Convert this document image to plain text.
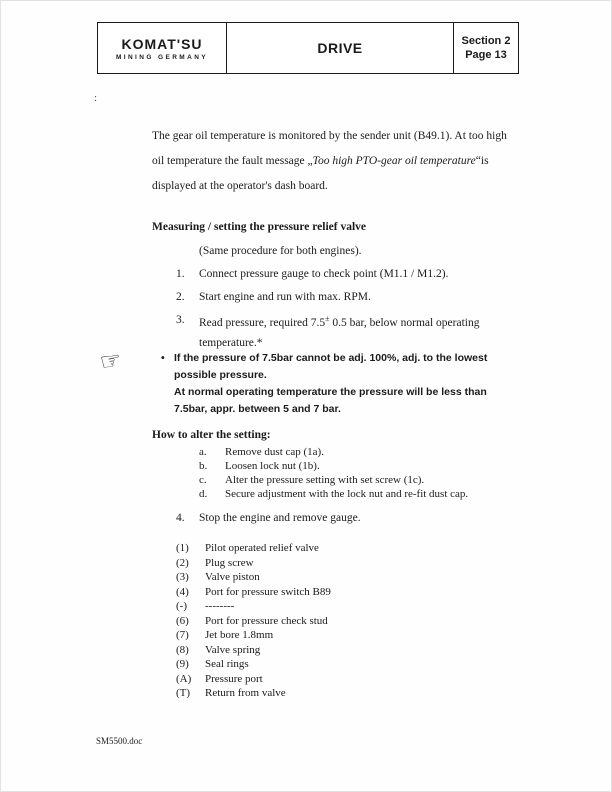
KOMAT'SU
MINING GERMANY
DRIVE	Section 2
Page 13
:
The gear oil temperature is monitored by the sender unit (B49.1). At too high
oil temperature the fault message „Too high PTO-gear oil temperature“is
displayed at the operator's dash board.
Measuring / setting the pressure relief valve
(Same procedure for both engines).
1.	Connect pressure gauge to check point (M1.1 / M1.2).
2.	Start engine and run with max. RPM.
3.	Read pressure, required 7.5± 0.5 bar, below normal operating
temperature.*
☞	• If the pressure of 7.5bar cannot be adj. 100%, adj. to the lowest
possible pressure.
At normal operating temperature the pressure will be less than
7.5bar, appr. between 5 and 7 bar.
How to alter the setting:
a.	Remove dust cap (1a).
b.	Loosen lock nut (1b).
c.	Alter the pressure setting with set screw (1c).
d.	Secure adjustment with the lock nut and re-fit dust cap.
4.	Stop the engine and remove gauge.
(1)	Pilot operated relief valve
(2)	Plug screw
(3)	Valve piston
(4)	Port for pressure switch B89
(-)	--------
(6)	Port for pressure check stud
(7)	Jet bore 1.8mm
(8)	Valve spring
(9)	Seal rings
(A)	Pressure port
(T)	Return from valve
SM5500.doc
